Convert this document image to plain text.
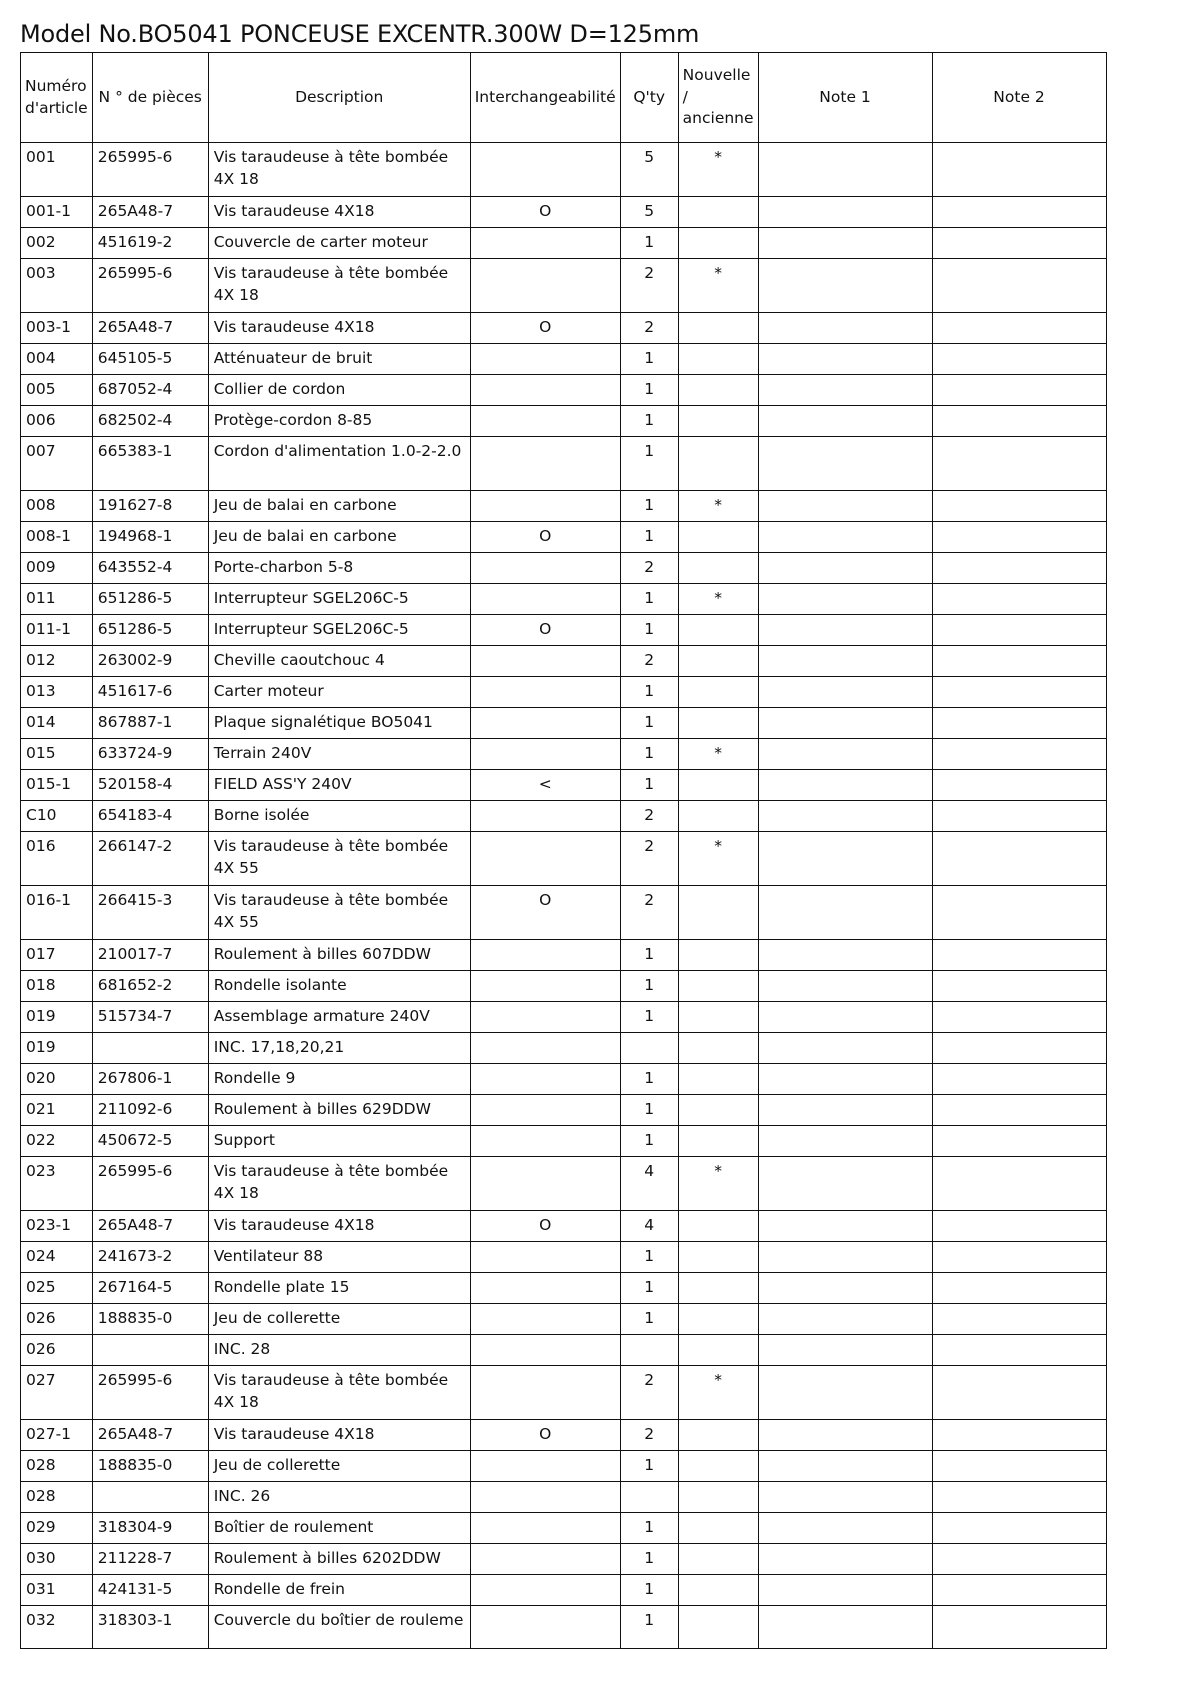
Model No.BO5041 PONCEUSE EXCENTR.300W D=125mm
Numéro d'article	N ° de pièces	Description	Interchangeabilité	Q'ty	Nouvelle / ancienne	Note 1	Note 2
001	265995-6	Vis taraudeuse à tête bombée 4X 18		5	*		
001-1	265A48-7	Vis taraudeuse 4X18	O	5			
002	451619-2	Couvercle de carter moteur		1			
003	265995-6	Vis taraudeuse à tête bombée 4X 18		2	*		
003-1	265A48-7	Vis taraudeuse 4X18	O	2			
004	645105-5	Atténuateur de bruit		1			
005	687052-4	Collier de cordon		1			
006	682502-4	Protège-cordon 8-85		1			
007	665383-1	Cordon d'alimentation 1.0-2-2.0		1			
008	191627-8	Jeu de balai en carbone		1	*		
008-1	194968-1	Jeu de balai en carbone	O	1			
009	643552-4	Porte-charbon 5-8		2			
011	651286-5	Interrupteur SGEL206C-5		1	*		
011-1	651286-5	Interrupteur SGEL206C-5	O	1			
012	263002-9	Cheville caoutchouc 4		2			
013	451617-6	Carter moteur		1			
014	867887-1	Plaque signalétique BO5041		1			
015	633724-9	Terrain 240V		1	*		
015-1	520158-4	FIELD ASS'Y 240V	<	1			
C10	654183-4	Borne isolée		2			
016	266147-2	Vis taraudeuse à tête bombée 4X 55		2	*		
016-1	266415-3	Vis taraudeuse à tête bombée 4X 55	O	2			
017	210017-7	Roulement à billes 607DDW		1			
018	681652-2	Rondelle isolante		1			
019	515734-7	Assemblage armature 240V		1			
019		INC. 17,18,20,21					
020	267806-1	Rondelle 9		1			
021	211092-6	Roulement à billes 629DDW		1			
022	450672-5	Support		1			
023	265995-6	Vis taraudeuse à tête bombée 4X 18		4	*		
023-1	265A48-7	Vis taraudeuse 4X18	O	4			
024	241673-2	Ventilateur 88		1			
025	267164-5	Rondelle plate 15		1			
026	188835-0	Jeu de collerette		1			
026		INC. 28					
027	265995-6	Vis taraudeuse à tête bombée 4X 18		2	*		
027-1	265A48-7	Vis taraudeuse 4X18	O	2			
028	188835-0	Jeu de collerette		1			
028		INC. 26					
029	318304-9	Boîtier de roulement		1			
030	211228-7	Roulement à billes 6202DDW		1			
031	424131-5	Rondelle de frein		1			
032	318303-1	Couvercle du boîtier de rouleme		1			
